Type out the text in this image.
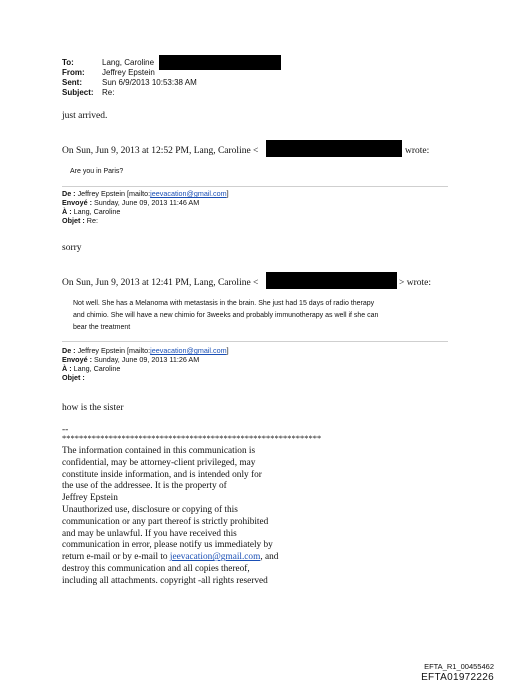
To:	Lang, Caroline
From: Jeffrey Epstein
Sent:	Sun 6/9/2013 10:53:38 AM
Subject: Re:
just arrived.
On Sun, Jun 9, 2013 at 12:52 PM, Lang, Caroline <	wrote:
Are you in Paris?
De : Jeffrey Epstein [mailto:jeevacation@gmail.com]
Envoyé : Sunday, June 09, 2013 11:46 AM
À : Lang, Caroline
Objet : Re:
sorry
On Sun, Jun 9, 2013 at 12:41 PM, Lang, Caroline <	> wrote:
Not well. She has a Melanoma with metastasis in the brain. She just had 15 days of radio therapy
and chimio. She will have a new chimio for 3weeks and probably immunotherapy as well if she can
bear the treatment
De : Jeffrey Epstein [mailto:jeevacation@gmail.com]
Envoyé : Sunday, June 09, 2013 11:26 AM
À : Lang, Caroline
Objet :
how is the sister
--
*************************************************************
The information contained in this communication is
confidential, may be attorney-client privileged, may
constitute inside information, and is intended only for
the use of the addressee. It is the property of
Jeffrey Epstein
Unauthorized use, disclosure or copying of this
communication or any part thereof is strictly prohibited
and may be unlawful. If you have received this
communication in error, please notify us immediately by
return e-mail or by e-mail to jeevacation@gmail.com, and
destroy this communication and all copies thereof,
including all attachments. copyright -all rights reserved
EFTA_R1_00455462
EFTA01972226
